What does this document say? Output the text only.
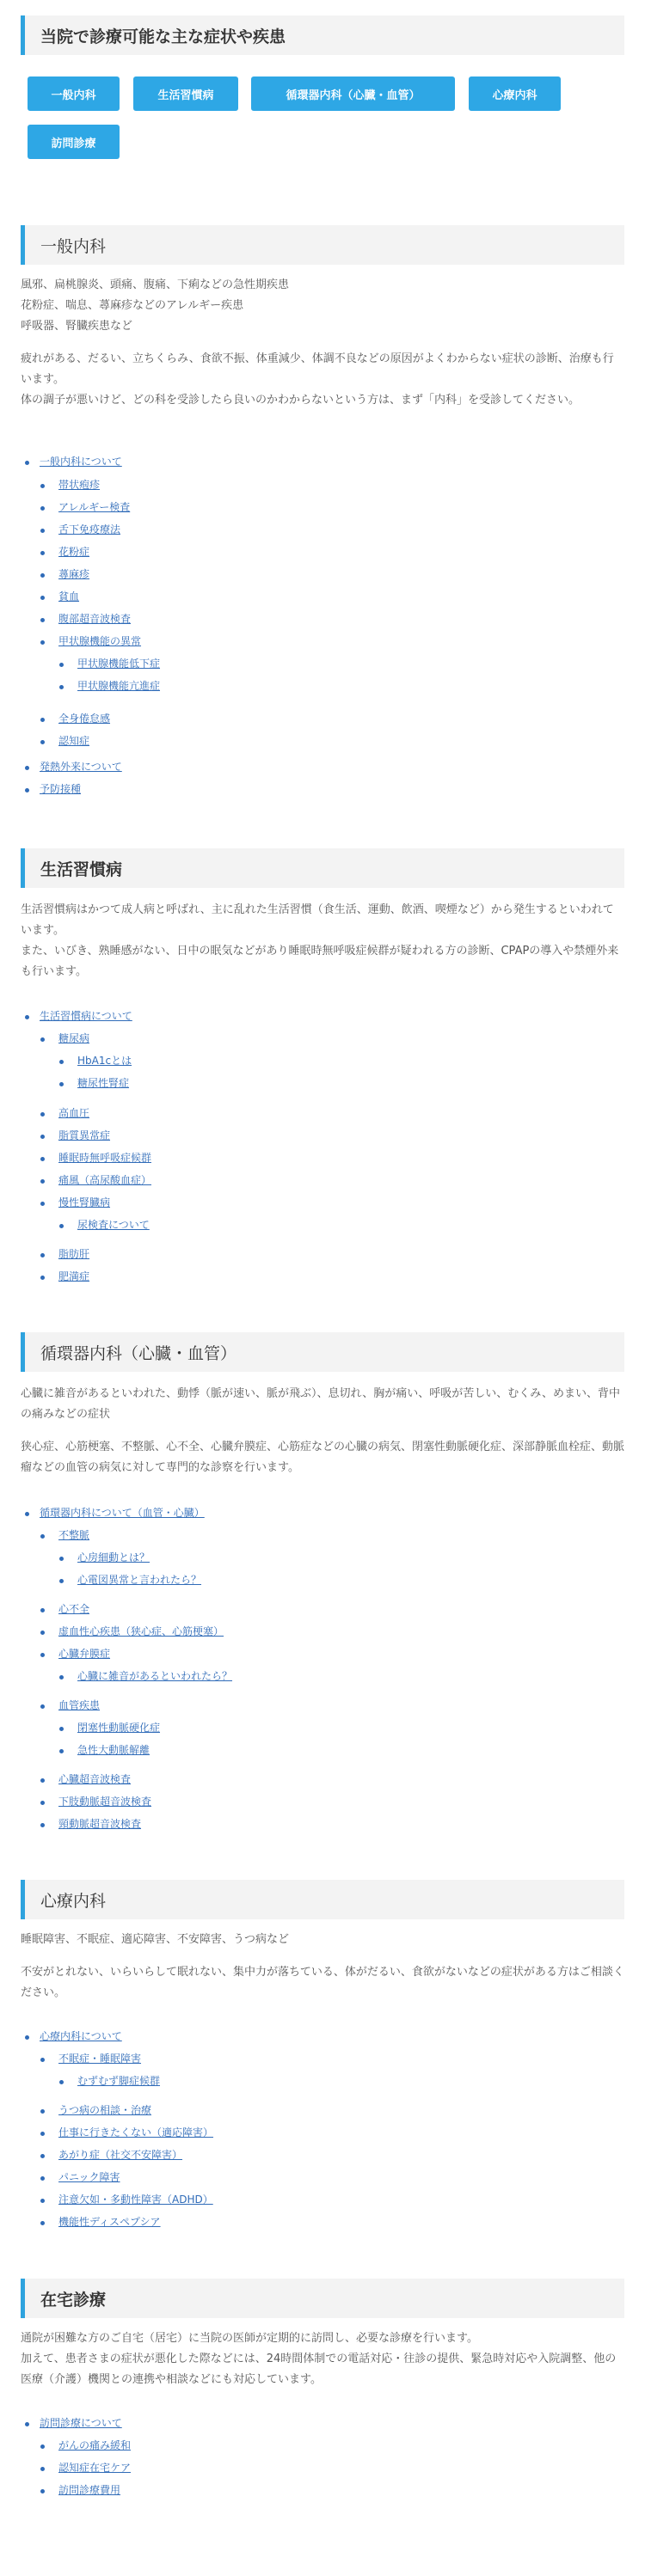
当院で診療可能な主な症状や疾患
一般内科	生活習慣病	循環器内科（心臓・血管）	心療内科
訪問診療
一般内科

風邪、扁桃腺炎、頭痛、腹痛、下痢などの急性期疾患

花粉症、喘息、蕁麻疹などのアレルギー疾患

呼吸器、腎臓疾患など

疲れがある、だるい、立ちくらみ、食欲不振、体重減少、体調不良などの原因がよくわからない症状の診断、治療も行います。

体の調子が悪いけど、どの科を受診したら良いのかわからないという方は、まず「内科」を受診してください。

一般内科について
帯状疱疹
アレルギー検査
舌下免疫療法
花粉症
蕁麻疹
貧血
腹部超音波検査
甲状腺機能の異常
甲状腺機能低下症
甲状腺機能亢進症
全身倦怠感
認知症
発熱外来について
予防接種
生活習慣病

生活習慣病はかつて成人病と呼ばれ、主に乱れた生活習慣（食生活、運動、飲酒、喫煙など）から発生するといわれています。

また、いびき、熟睡感がない、日中の眠気などがあり睡眠時無呼吸症候群が疑われる方の診断、CPAPの導入や禁煙外来も行います。

生活習慣病について
糖尿病
HbA1cとは
糖尿性腎症
高血圧
脂質異常症
睡眠時無呼吸症候群
痛風（高尿酸血症）
慢性腎臓病
尿検査について
脂肪肝
肥満症
循環器内科（心臓・血管）

心臓に雑音があるといわれた、動悸（脈が速い、脈が飛ぶ）、息切れ、胸が痛い、呼吸が苦しい、むくみ、めまい、背中の痛みなどの症状

狭心症、心筋梗塞、不整脈、心不全、心臓弁膜症、心筋症などの心臓の病気、閉塞性動脈硬化症、深部静脈血栓症、動脈瘤などの血管の病気に対して専門的な診察を行います。

循環器内科について（血管・心臓）
不整脈
心房細動とは？
心電図異常と言われたら？
心不全
虚血性心疾患（狭心症、心筋梗塞）
心臓弁膜症
心臓に雑音があるといわれたら？
血管疾患
閉塞性動脈硬化症
急性大動脈解離
心臓超音波検査
下肢動脈超音波検査
頸動脈超音波検査
心療内科

睡眠障害、不眠症、適応障害、不安障害、うつ病など

不安がとれない、いらいらして眠れない、集中力が落ちている、体がだるい、食欲がないなどの症状がある方はご相談ください。

心療内科について
不眠症・睡眠障害
むずむず脚症候群
うつ病の相談・治療
仕事に行きたくない（適応障害）
あがり症（社交不安障害）
パニック障害
注意欠如・多動性障害（ADHD）
機能性ディスペプシア
在宅診療

通院が困難な方のご自宅（居宅）に当院の医師が定期的に訪問し、必要な診療を行います。

加えて、患者さまの症状が悪化した際などには、24時間体制での電話対応・往診の提供、緊急時対応や入院調整、他の医療（介護）機関との連携や相談などにも対応しています。

訪問診療について
がんの痛み緩和
認知症在宅ケア
訪問診療費用
